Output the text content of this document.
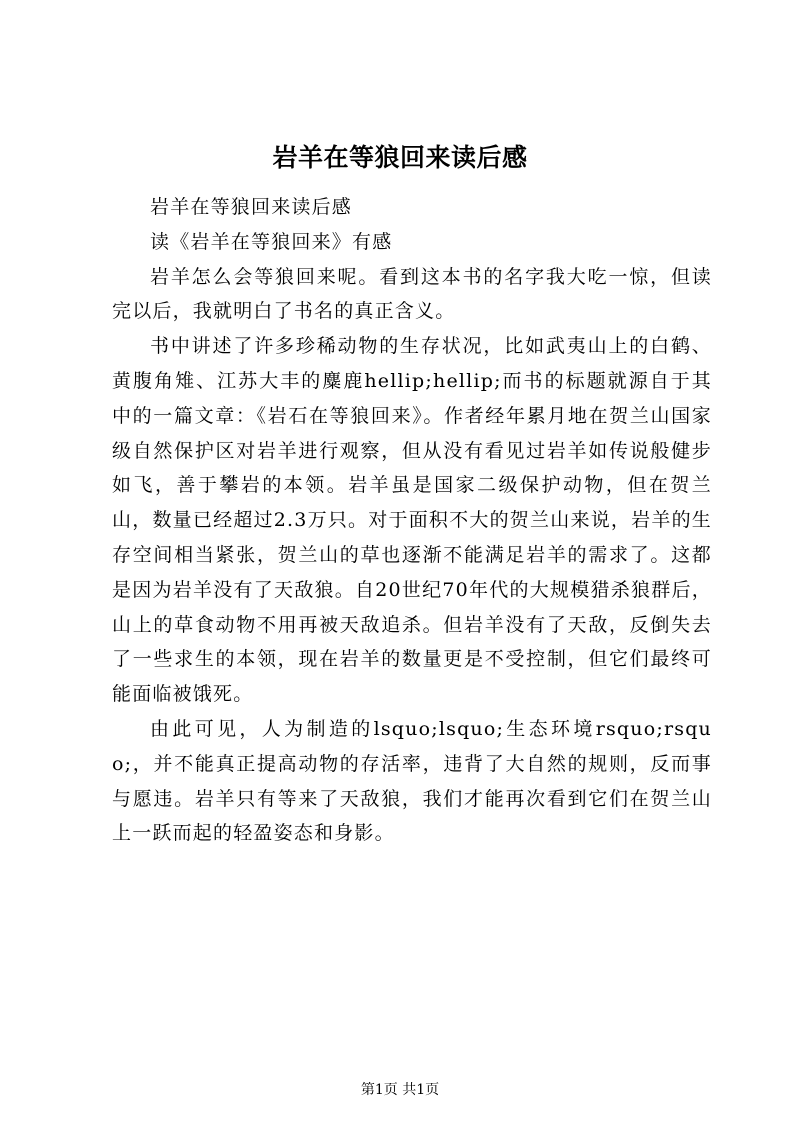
岩羊在等狼回来读后感

岩羊在等狼回来读后感

读《岩羊在等狼回来》有感

岩羊怎么会等狼回来呢。看到这本书的名字我大吃一惊，但读完以后，我就明白了书名的真正含义。

书中讲述了许多珍稀动物的生存状况，比如武夷山上的白鹤、黄腹角雉、江苏大丰的麋鹿hellip;hellip;而书的标题就源自于其中的一篇文章：《岩石在等狼回来》。作者经年累月地在贺兰山国家级自然保护区对岩羊进行观察，但从没有看见过岩羊如传说般健步如飞，善于攀岩的本领。岩羊虽是国家二级保护动物，但在贺兰山，数量已经超过2.3万只。对于面积不大的贺兰山来说，岩羊的生存空间相当紧张，贺兰山的草也逐渐不能满足岩羊的需求了。这都是因为岩羊没有了天敌狼。自20世纪70年代的大规模猎杀狼群后，山上的草食动物不用再被天敌追杀。但岩羊没有了天敌，反倒失去了一些求生的本领，现在岩羊的数量更是不受控制，但它们最终可能面临被饿死。

由此可见，人为制造的lsquo;lsquo;生态环境rsquo;rsquo;，并不能真正提高动物的存活率，违背了大自然的规则，反而事与愿违。岩羊只有等来了天敌狼，我们才能再次看到它们在贺兰山上一跃而起的轻盈姿态和身影。

第1页 共1页
